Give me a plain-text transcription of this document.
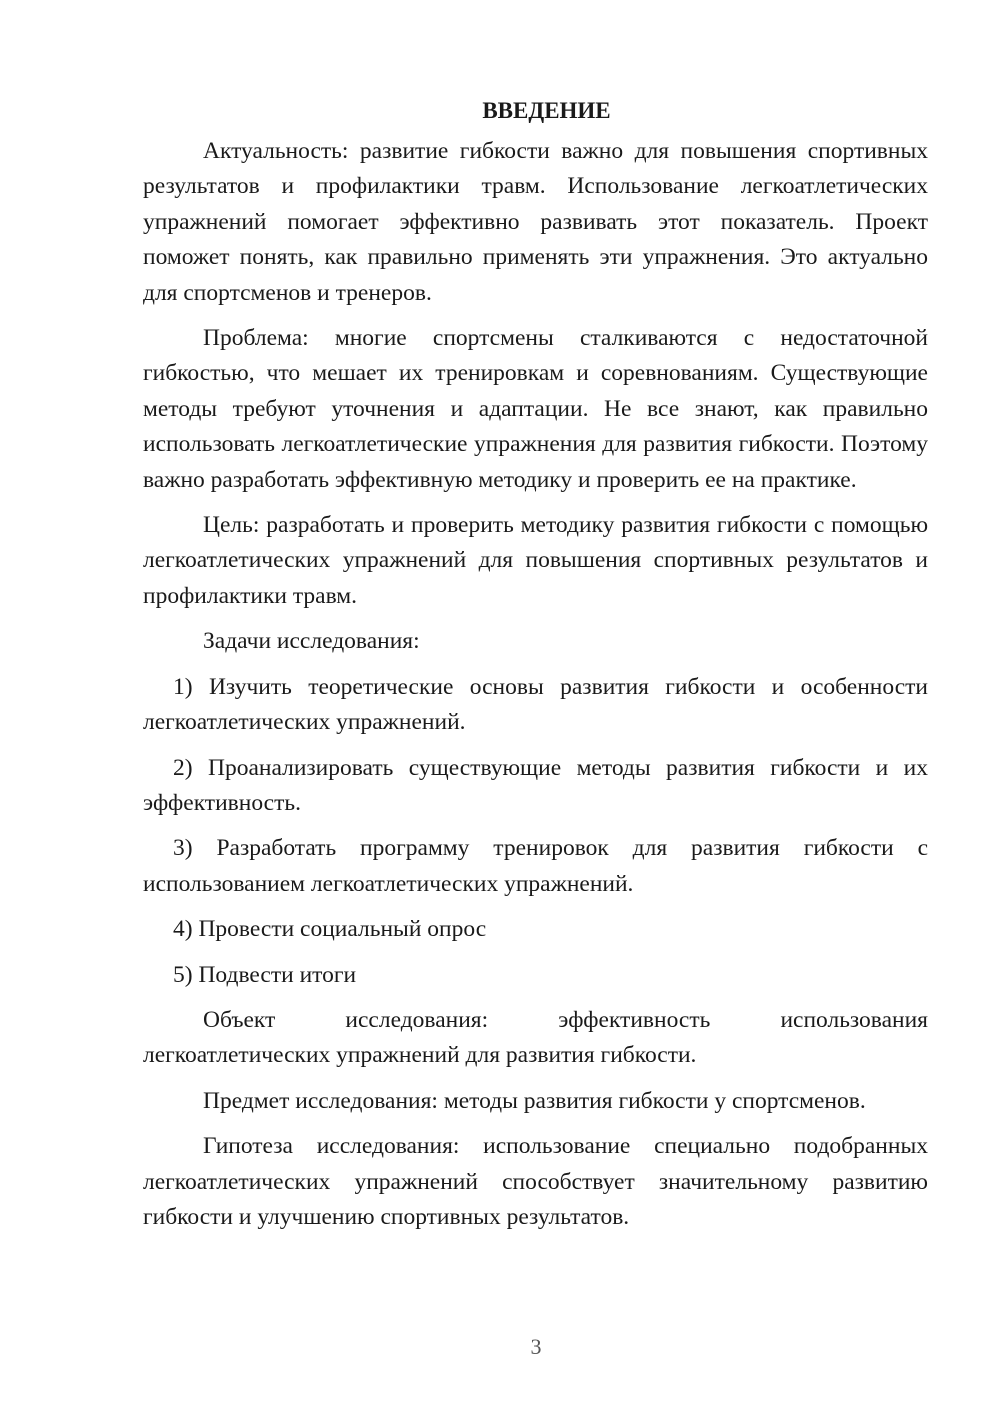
ВВЕДЕНИЕ

Актуальность: развитие гибкости важно для повышения спортивных результатов и профилактики травм. Использование легкоатлетических упражнений помогает эффективно развивать этот показатель. Проект поможет понять, как правильно применять эти упражнения. Это актуально для спортсменов и тренеров.

Проблема: многие спортсмены сталкиваются с недостаточной гибкостью, что мешает их тренировкам и соревнованиям. Существующие методы требуют уточнения и адаптации. Не все знают, как правильно использовать легкоатлетические упражнения для развития гибкости. Поэтому важно разработать эффективную методику и проверить ее на практике.

Цель: разработать и проверить методику развития гибкости с помощью легкоатлетических упражнений для повышения спортивных результатов и профилактики травм.

Задачи исследования:

1) Изучить теоретические основы развития гибкости и особенности легкоатлетических упражнений.

2) Проанализировать существующие методы развития гибкости и их эффективность.

3) Разработать программу тренировок для развития гибкости с использованием легкоатлетических упражнений.

4) Провести социальный опрос

5) Подвести итоги

Объект исследования: эффективность использования легкоатлетических упражнений для развития гибкости.

Предмет исследования: методы развития гибкости у спортсменов.

Гипотеза исследования: использование специально подобранных легкоатлетических упражнений способствует значительному развитию гибкости и улучшению спортивных результатов.

3
